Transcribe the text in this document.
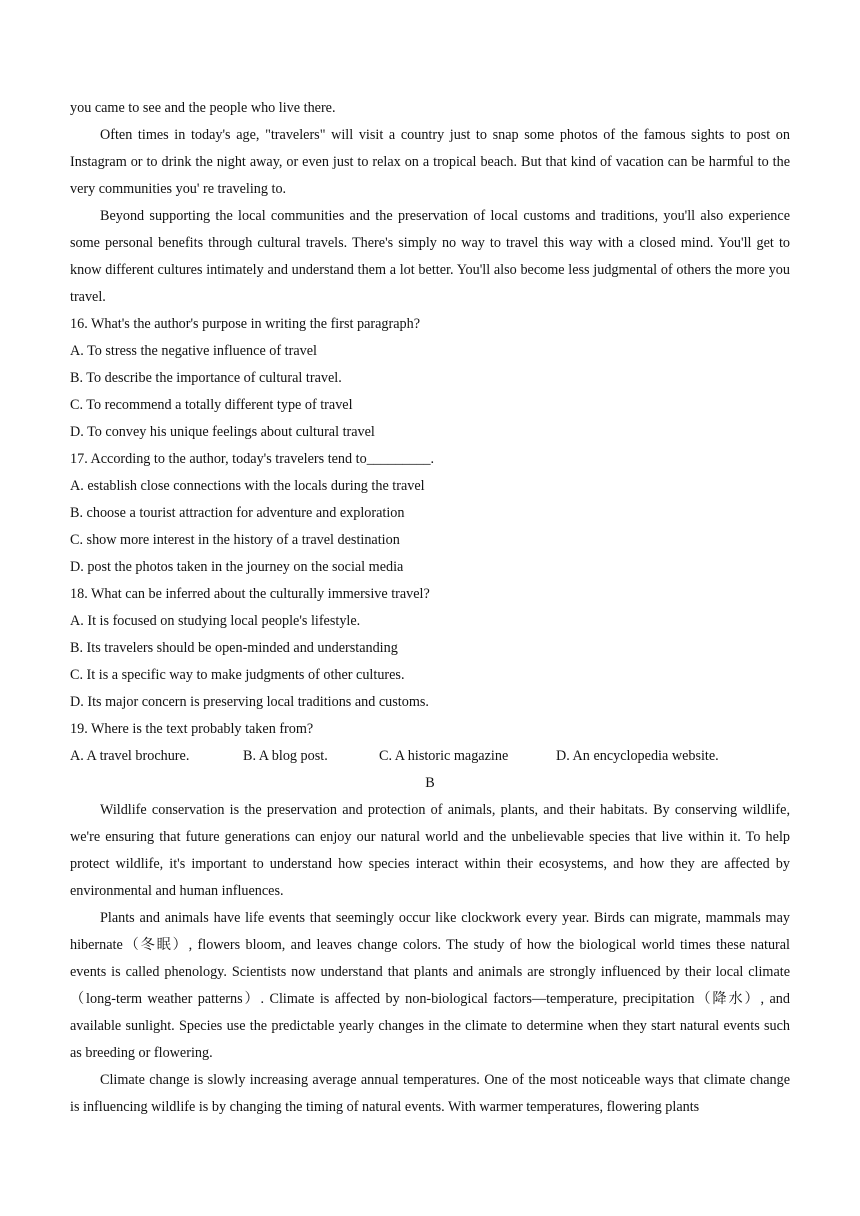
you came to see and the people who live there.

Often times in today's age, "travelers" will visit a country just to snap some photos of the famous sights to post on Instagram or to drink the night away, or even just to relax on a tropical beach. But that kind of vacation can be harmful to the very communities you' re traveling to.

Beyond supporting the local communities and the preservation of local customs and traditions, you'll also experience some personal benefits through cultural travels. There's simply no way to travel this way with a closed mind. You'll get to know different cultures intimately and understand them a lot better. You'll also become less judgmental of others the more you travel.

16. What's the author's purpose in writing the first paragraph?

A. To stress the negative influence of travel

B. To describe the importance of cultural travel.

C. To recommend a totally different type of travel

D. To convey his unique feelings about cultural travel

17. According to the author, today's travelers tend to_________.

A. establish close connections with the locals during the travel

B. choose a tourist attraction for adventure and exploration

C. show more interest in the history of a travel destination

D. post the photos taken in the journey on the social media

18. What can be inferred about the culturally immersive travel?

A. It is focused on studying local people's lifestyle.

B. Its travelers should be open-minded and understanding

C. It is a specific way to make judgments of other cultures.

D. Its major concern is preserving local traditions and customs.

19. Where is the text probably taken from?

A. A travel brochure.	B. A blog post.	C. A historic magazine	D. An encyclopedia website.

B

Wildlife conservation is the preservation and protection of animals, plants, and their habitats. By conserving wildlife, we're ensuring that future generations can enjoy our natural world and the unbelievable species that live within it. To help protect wildlife, it's important to understand how species interact within their ecosystems, and how they are affected by environmental and human influences.

Plants and animals have life events that seemingly occur like clockwork every year. Birds can migrate, mammals may hibernate（冬眠）, flowers bloom, and leaves change colors. The study of how the biological world times these natural events is called phenology. Scientists now understand that plants and animals are strongly influenced by their local climate（long-term weather patterns）. Climate is affected by non-biological factors—temperature, precipitation（降水）, and available sunlight. Species use the predictable yearly changes in the climate to determine when they start natural events such as breeding or flowering.

Climate change is slowly increasing average annual temperatures. One of the most noticeable ways that climate change is influencing wildlife is by changing the timing of natural events. With warmer temperatures, flowering plants
